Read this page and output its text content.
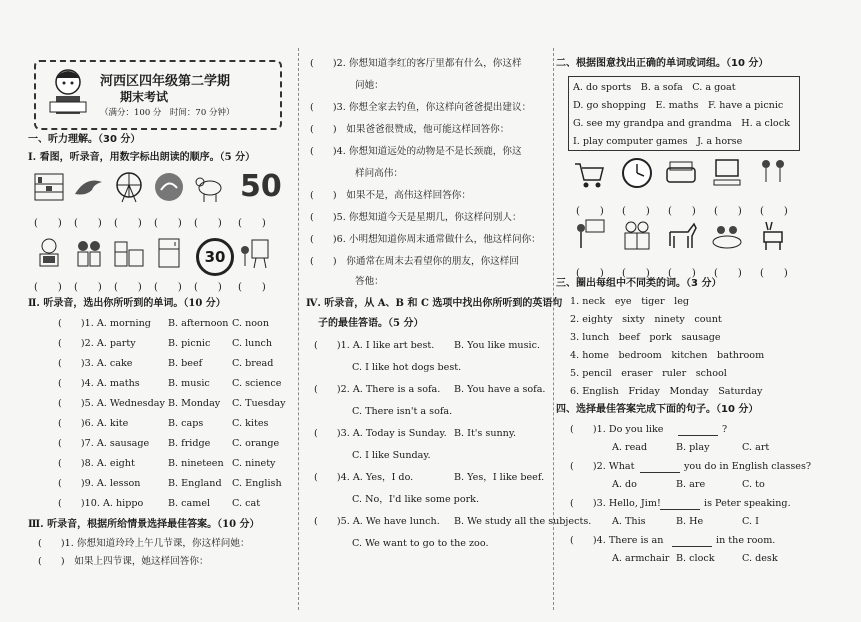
河西区四年级第二学期
期末考试
（满分：100 分　时间：70 分钟）
一、听力理解。（30 分）
Ⅰ. 看图，听录音，用数字标出朗读的顺序。（5 分）
50
(　　) (　　) (　　) (　　) (　　) (　　)
30
(　　) (　　) (　　) (　　) (　　) (　　)
Ⅱ. 听录音，选出你所听到的单词。（10 分）
Ⅲ. 听录音，根据所给情景选择最佳答案。（10 分）
(　　)1. 你想知道玲玲上午几节课，你这样问她：
(　　)　如果上四节课，她这样回答你：
(　　)2. 你想知道李红的客厅里都有什么，你这样
问她：
(　　)3. 你想全家去钓鱼，你这样向爸爸提出建议：
(　　)　如果爸爸很赞成，他可能这样回答你：
(　　)4. 你想知道远处的动物是不是长颈鹿，你这
样问高伟：
(　　)　如果不是，高伟这样回答你：
(　　)5. 你想知道今天是星期几，你这样问别人：
(　　)6. 小明想知道你周末通常做什么，他这样问你：
(　　)　你通常在周末去看望你的朋友，你这样回
答他：
Ⅳ. 听录音，从 A、B 和 C 选项中找出你所听到的英语句
子的最佳答语。（5 分）
二、根据图意找出正确的单词或词组。（10 分）
A. do sports　B. a sofa　C. a goat
D. go shopping　E. maths　F. have a picnic
G. see my grandpa and grandma　H. a clock
I. play computer games　J. a horse
(　　) (　　) (　　) (　　) (　　)
(　　) (　　) (　　) (　　) (　　)
三、圈出每组中不同类的词。（3 分）
四、选择最佳答案完成下面的句子。（10 分）
(　　)1. A. morning B. afternoon C. noon
(　　)2. A. party	B. picnic C. lunch
(　　)3. A. cake	B. beef	C. bread
(　　)4. A. maths	B. music C. science
(　　)5. A. Wednesday B. Monday C. Tuesday
(　　)6. A. kite	B. caps	C. kites
(　　)7. A. sausage B. fridge C. orange
(　　)8. A. eight	B. nineteen C. ninety
(　　)9. A. lesson	B. England C. English
(　　)10. A. hippo	B. camel C. cat
(　　)1. A. I like art best. B. You like music.
C. I like hot dogs best.
(　　)2. A. There is a sofa. B. You have a sofa.
C. There isn't a sofa.
(　　)3. A. Today is Sunday. B. It's sunny.
C. I like Sunday.
(　　)4. A. Yes，I do.	B. Yes，I like beef.
C. No，I'd like some pork.
(　　)5. A. We have lunch. B. We study all the subjects.
C. We want to go to the zoo.
1. neck　eye　tiger　leg
2. eighty　sixty　ninety　count
3. lunch　beef　pork　sausage
4. home　bedroom　kitchen　bathroom
5. pencil　eraser　ruler　school
6. English　Friday　Monday　Saturday
(　　)1. Do you like	?
A. read	B. play	C. art
(　　)2. What	you do in English classes?
A. do	B. are	C. to
(　　)3. Hello, Jim!	is Peter speaking.
A. This	B. He	C. I
(　　)4. There is an	in the room.
A. armchair B. clock	C. desk
